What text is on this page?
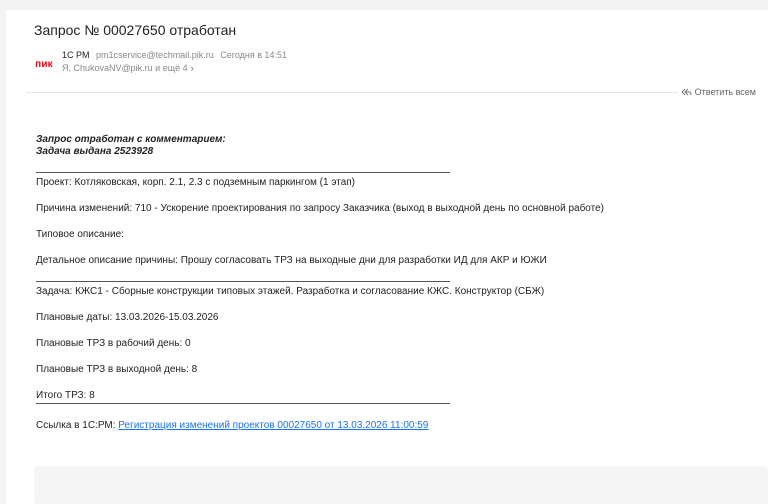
Запрос № 00027650 отработан
пик
1С PM pm1cservice@techmail.pik.ru Сегодня в 14:51
Я, ChukovaNV@pik.ru и ещё 4 ›
Ответить всем
Запрос отработан с комментарием:
Задача выдана 2523928
Проект: Котляковская, корп. 2.1, 2.3 с подземным паркингом (1 этап)
Причина изменений: 710 - Ускорение проектирования по запросу Заказчика (выход в выходной день по основной работе)
Типовое описание:
Детальное описание причины: Прошу согласовать ТРЗ на выходные дни для разработки ИД для АКР и ЮЖИ
Задача: КЖС1 - Сборные конструкции типовых этажей. Разработка и согласование КЖС. Конструктор (СБЖ)
Плановые даты: 13.03.2026-15.03.2026
Плановые ТРЗ в рабочий день: 0
Плановые ТРЗ в выходной день: 8
Итого ТРЗ: 8
Ссылка в 1С:РМ: Регистрация изменений проектов 00027650 от 13.03.2026 11:00:59
